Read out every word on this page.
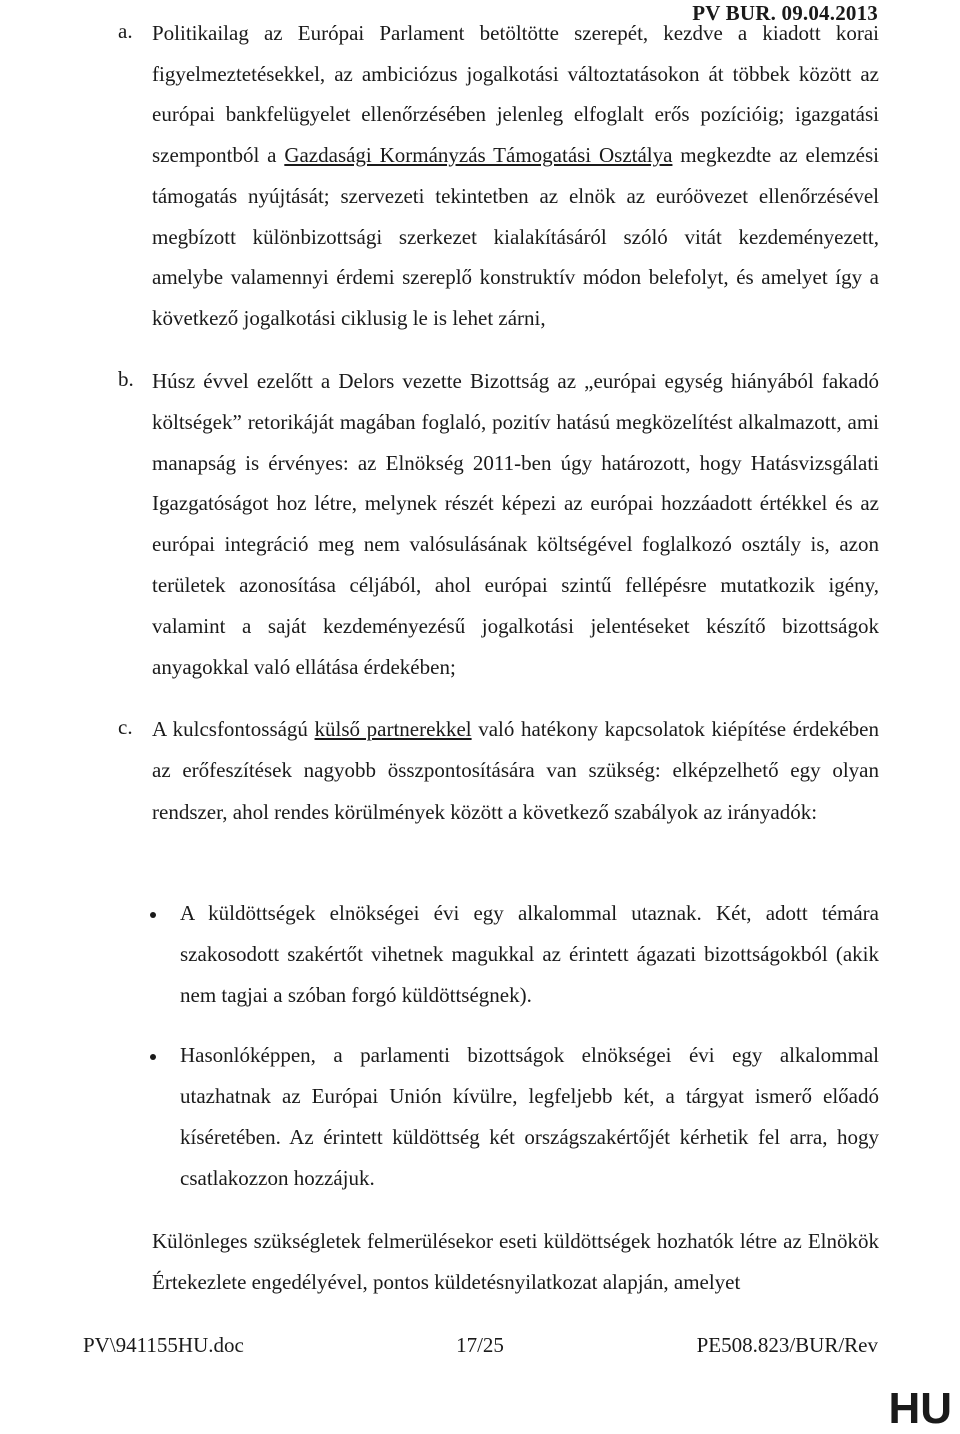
PV BUR. 09.04.2013
a. Politikailag az Európai Parlament betöltötte szerepét, kezdve a kiadott korai figyelmeztetésekkel, az ambiciózus jogalkotási változtatásokon át többek között az európai bankfelügyelet ellenőrzésében jelenleg elfoglalt erős pozícióig; igazgatási szempontból a Gazdasági Kormányzás Támogatási Osztálya megkezdte az elemzési támogatás nyújtását; szervezeti tekintetben az elnök az euróövezet ellenőrzésével megbízott különbizottsági szerkezet kialakításáról szóló vitát kezdeményezett, amelybe valamennyi érdemi szereplő konstruktív módon belefolyt, és amelyet így a következő jogalkotási ciklusig le is lehet zárni,
b. Húsz évvel ezelőtt a Delors vezette Bizottság az „európai egység hiányából fakadó költségek” retorikáját magában foglaló, pozitív hatású megközelítést alkalmazott, ami manapság is érvényes: az Elnökség 2011-ben úgy határozott, hogy Hatásvizsgálati Igazgatóságot hoz létre, melynek részét képezi az európai hozzáadott értékkel és az európai integráció meg nem valósulásának költségével foglalkozó osztály is, azon területek azonosítása céljából, ahol európai szintű fellépésre mutatkozik igény, valamint a saját kezdeményezésű jogalkotási jelentéseket készítő bizottságok anyagokkal való ellátása érdekében;
c. A kulcsfontosságú külső partnerekkel való hatékony kapcsolatok kiépítése érdekében az erőfeszítések nagyobb összpontosítására van szükség: elképzelhető egy olyan rendszer, ahol rendes körülmények között a következő szabályok az irányadók:
A küldöttségek elnökségei évi egy alkalommal utaznak. Két, adott témára szakosodott szakértőt vihetnek magukkal az érintett ágazati bizottságokból (akik nem tagjai a szóban forgó küldöttségnek).
Hasonlóképpen, a parlamenti bizottságok elnökségei évi egy alkalommal utazhatnak az Európai Unión kívülre, legfeljebb két, a tárgyat ismerő előadó kíséretében. Az érintett küldöttség két országszakértőjét kérhetik fel arra, hogy csatlakozzon hozzájuk.
Különleges szükségletek felmerülésekor eseti küldöttségek hozhatók létre az Elnökök Értekezlete engedélyével, pontos küldetésnyilatkozat alapján, amelyet
PV\941155HU.doc	17/25	PE508.823/BUR/Rev
HU
